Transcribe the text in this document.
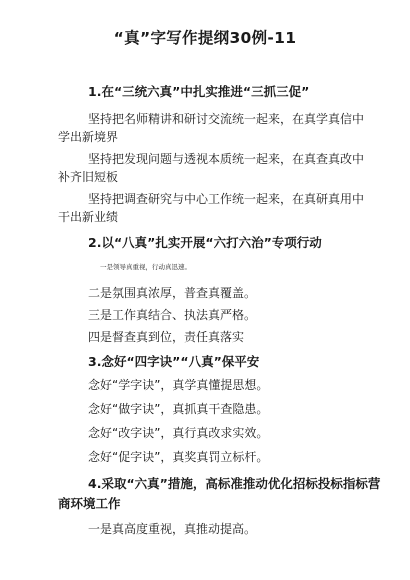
“真”字写作提纲30例-11
1.在“三统六真”中扎实推进“三抓三促”
坚持把名师精讲和研讨交流统一起来，在真学真信中
学出新境界
坚持把发现问题与透视本质统一起来，在真查真改中
补齐旧短板
坚持把调查研究与中心工作统一起来，在真研真用中
干出新业绩
2.以“八真”扎实开展“六打六治”专项行动
一是领导真重视，行动真迅速。
二是氛围真浓厚，普查真覆盖。
三是工作真结合、执法真严格。
四是督查真到位，责任真落实
3.念好“四字诀”“八真”保平安
念好“学字诀”，真学真懂提思想。
念好“做字诀”，真抓真干查隐患。
念好“改字诀”，真行真改求实效。
念好“促字诀”，真奖真罚立标杆。
4.采取“六真”措施，高标准推动优化招标投标指标营
商环境工作
一是真高度重视，真推动提高。
